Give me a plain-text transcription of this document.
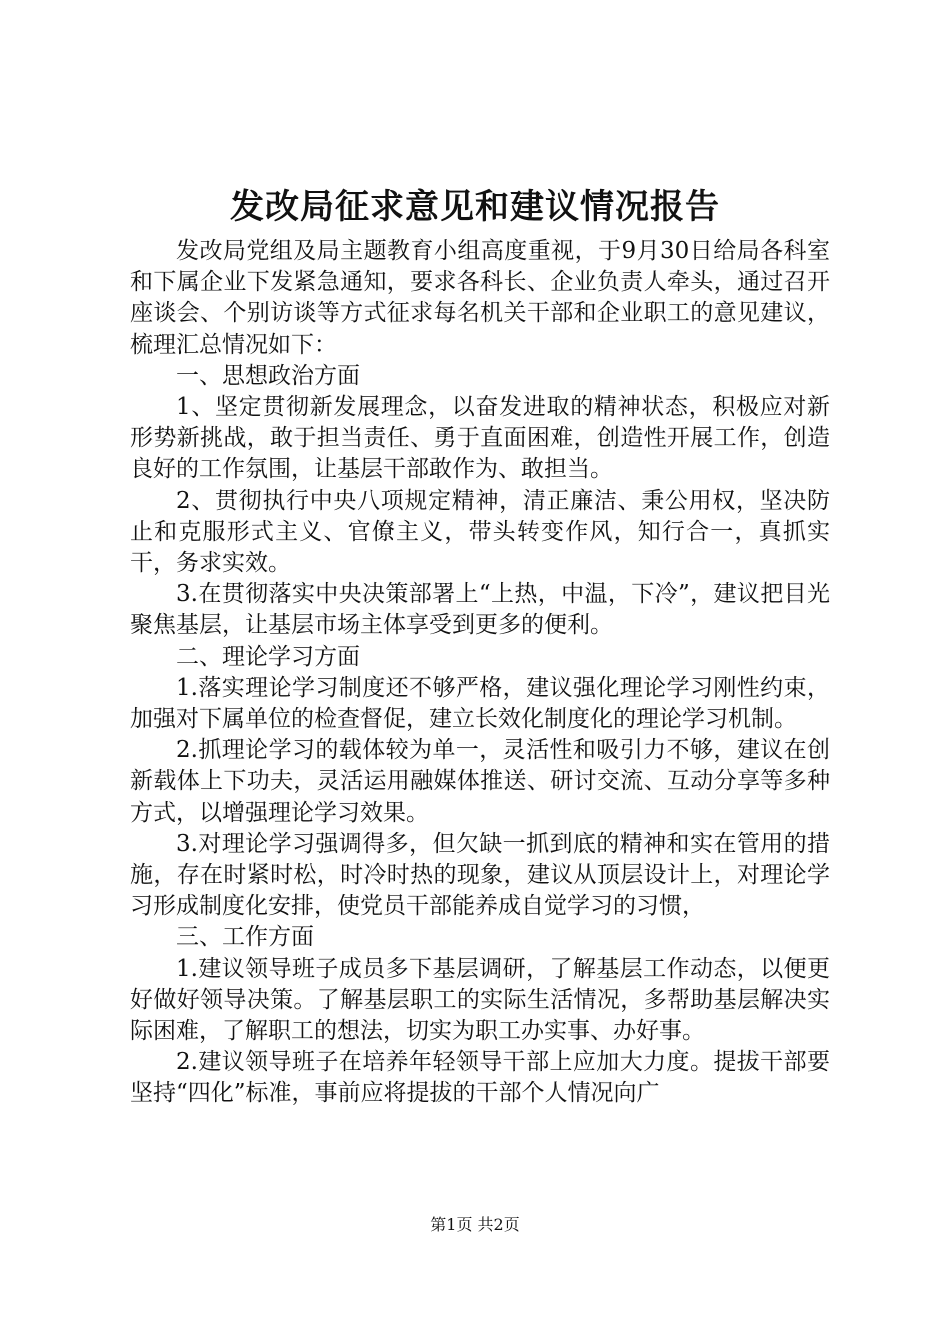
发改局征求意见和建议情况报告

发改局党组及局主题教育小组高度重视，于9月30日给局各科室和下属企业下发紧急通知，要求各科长、企业负责人牵头，通过召开座谈会、个别访谈等方式征求每名机关干部和企业职工的意见建议，梳理汇总情况如下：

一、思想政治方面

1、坚定贯彻新发展理念，以奋发进取的精神状态，积极应对新形势新挑战，敢于担当责任、勇于直面困难，创造性开展工作，创造良好的工作氛围，让基层干部敢作为、敢担当。

2、贯彻执行中央八项规定精神，清正廉洁、秉公用权，坚决防止和克服形式主义、官僚主义，带头转变作风，知行合一，真抓实干，务求实效。

3.在贯彻落实中央决策部署上“上热，中温，下冷”，建议把目光聚焦基层，让基层市场主体享受到更多的便利。

二、理论学习方面

1.落实理论学习制度还不够严格，建议强化理论学习刚性约束，加强对下属单位的检查督促，建立长效化制度化的理论学习机制。

2.抓理论学习的载体较为单一，灵活性和吸引力不够，建议在创新载体上下功夫，灵活运用融媒体推送、研讨交流、互动分享等多种方式，以增强理论学习效果。

3.对理论学习强调得多，但欠缺一抓到底的精神和实在管用的措施，存在时紧时松，时冷时热的现象，建议从顶层设计上，对理论学习形成制度化安排，使党员干部能养成自觉学习的习惯，

三、工作方面

1.建议领导班子成员多下基层调研，了解基层工作动态，以便更好做好领导决策。了解基层职工的实际生活情况，多帮助基层解决实际困难，了解职工的想法，切实为职工办实事、办好事。

2.建议领导班子在培养年轻领导干部上应加大力度。提拔干部要坚持“四化”标准，事前应将提拔的干部个人情况向广

第1页 共2页
